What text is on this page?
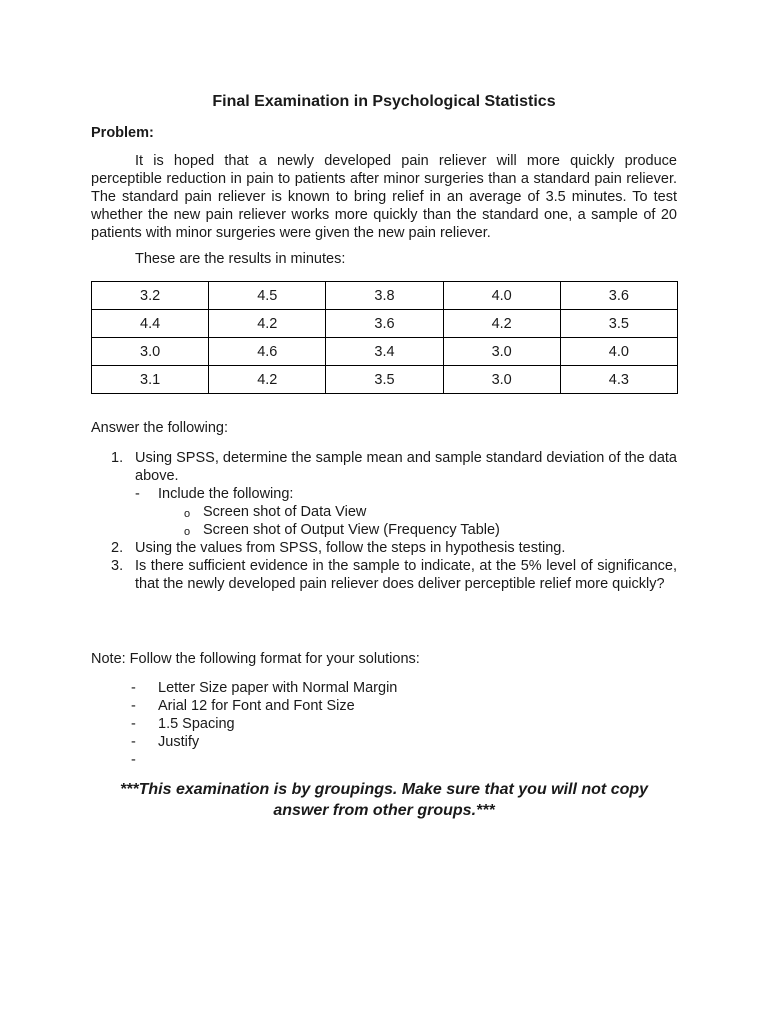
Final Examination in Psychological Statistics
Problem:

It is hoped that a newly developed pain reliever will more quickly produce perceptible reduction in pain to patients after minor surgeries than a standard pain reliever. The standard pain reliever is known to bring relief in an average of 3.5 minutes. To test whether the new pain reliever works more quickly than the standard one, a sample of 20 patients with minor surgeries were given the new pain reliever.

These are the results in minutes:
3.2	4.5	3.8	4.0	3.6
4.4	4.2	3.6	4.2	3.5
3.0	4.6	3.4	3.0	4.0
3.1	4.2	3.5	3.0	4.3
Answer the following:
1. Using SPSS, determine the sample mean and sample standard deviation of the data above.
- Include the following:
o Screen shot of Data View
o Screen shot of Output View (Frequency Table)
2. Using the values from SPSS, follow the steps in hypothesis testing.
3. Is there sufficient evidence in the sample to indicate, at the 5% level of significance, that the newly developed pain reliever does deliver perceptible relief more quickly?
Note: Follow the following format for your solutions:
- Letter Size paper with Normal Margin
- Arial 12 for Font and Font Size
- 1.5 Spacing
- Justify
-
***This examination is by groupings. Make sure that you will not copy
answer from other groups.***
